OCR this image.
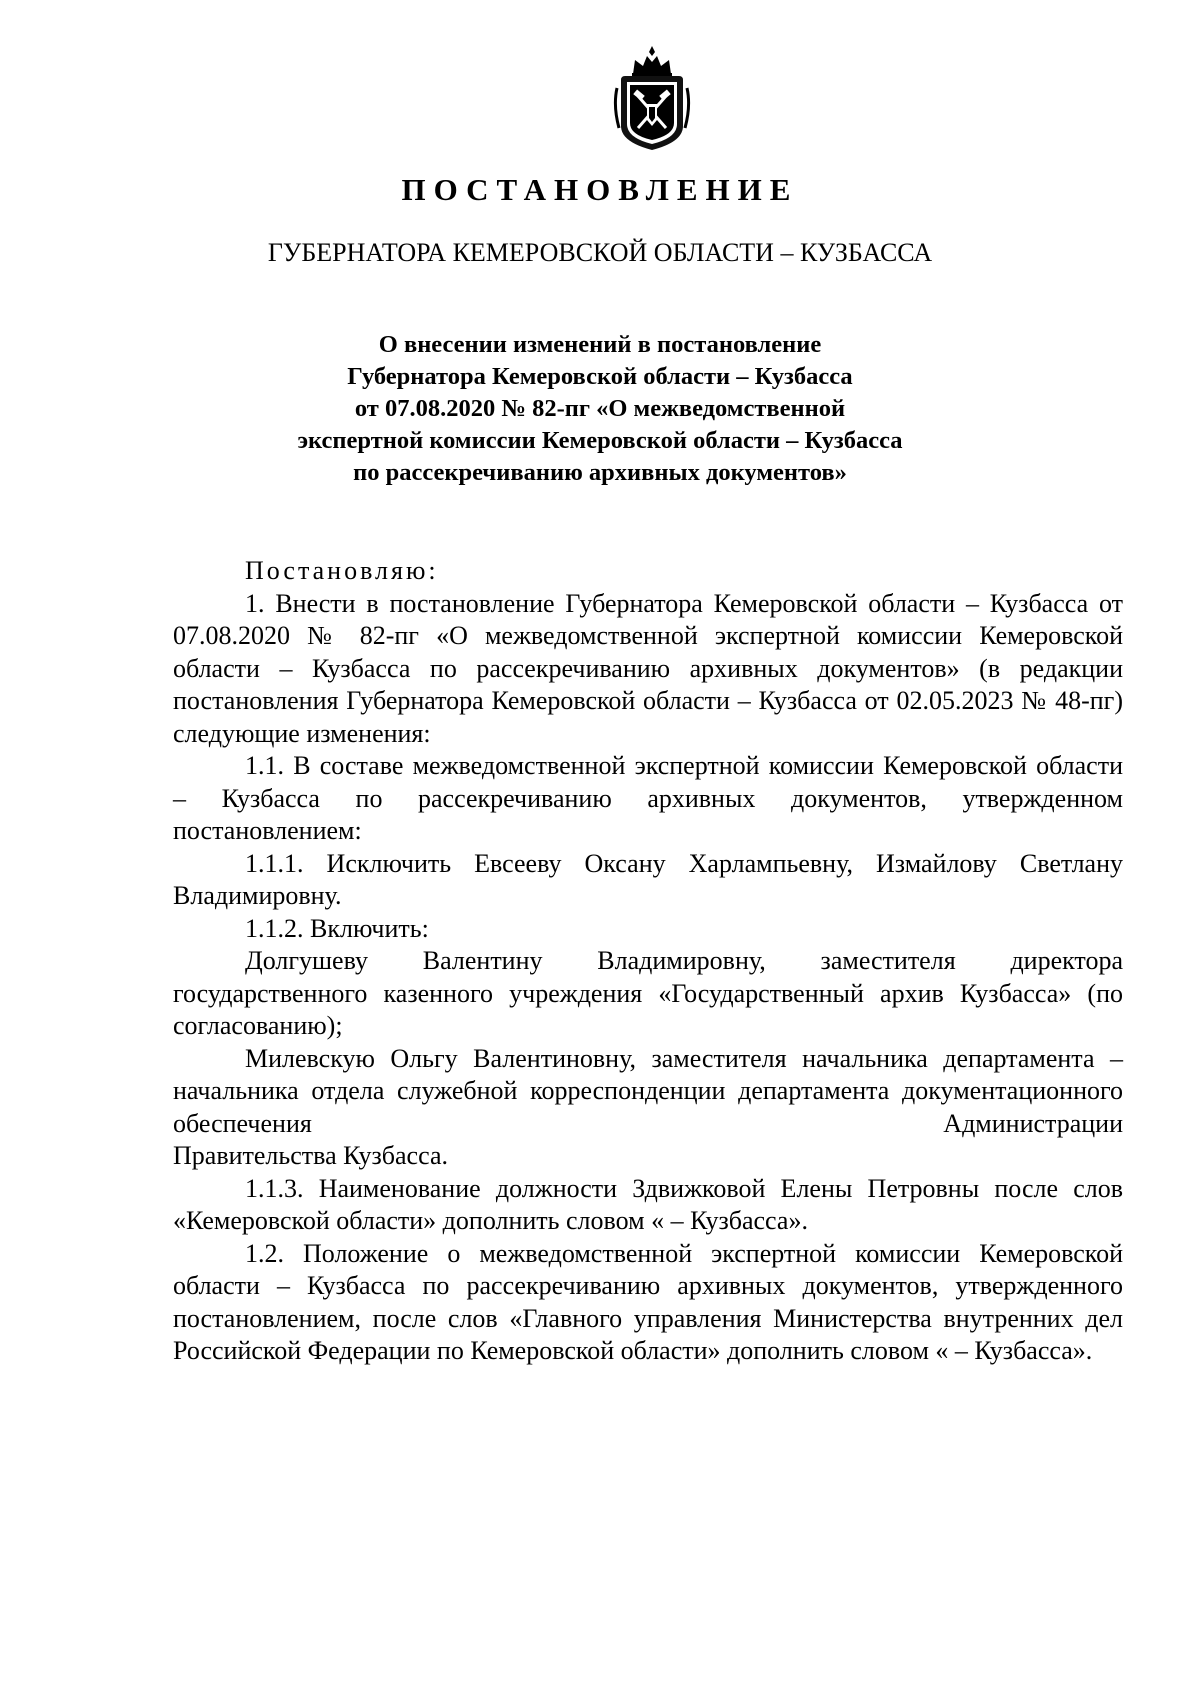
ПОСТАНОВЛЕНИЕ
ГУБЕРНАТОРА КЕМЕРОВСКОЙ ОБЛАСТИ – КУЗБАССА
О внесении изменений в постановление
Губернатора Кемеровской области – Кузбасса
от 07.08.2020 № 82-пг «О межведомственной
экспертной комиссии Кемеровской области – Кузбасса
по рассекречиванию архивных документов»

Постановляю:

1. Внести в постановление Губернатора Кемеровской области – Кузбасса от 07.08.2020 № 82-пг «О межведомственной экспертной комиссии Кемеровской области – Кузбасса по рассекречиванию архивных документов» (в редакции постановления Губернатора Кемеровской области – Кузбасса от 02.05.2023 № 48-пг) следующие изменения:

1.1. В составе межведомственной экспертной комиссии Кемеровской области – Кузбасса по рассекречиванию архивных документов, утвержденном постановлением:

1.1.1. Исключить Евсееву Оксану Харлампьевну, Измайлову Светлану Владимировну.

1.1.2. Включить:

Долгушеву Валентину Владимировну, заместителя директора государственного казенного учреждения «Государственный архив Кузбасса» (по согласованию);

Милевскую Ольгу Валентиновну, заместителя начальника департамента – начальника отдела служебной корреспонденции департамента документационного обеспечения Администрации

Правительства Кузбасса.

1.1.3. Наименование должности Здвижковой Елены Петровны после слов «Кемеровской области» дополнить словом « – Кузбасса».

1.2. Положение о межведомственной экспертной комиссии Кемеровской области – Кузбасса по рассекречиванию архивных документов, утвержденного постановлением, после слов «Главного управления Министерства внутренних дел Российской Федерации по Кемеровской области» дополнить словом « – Кузбасса».
